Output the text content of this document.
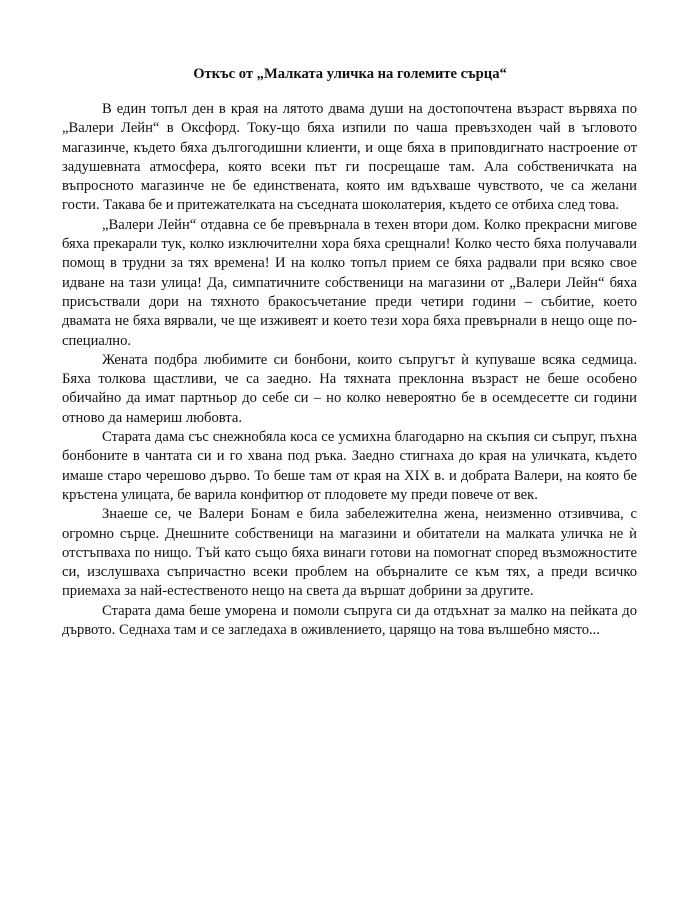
Откъс от „Малката уличка на големите сърца“

В един топъл ден в края на лятото двама души на достопочтена възраст вървяха по „Валери Лейн“ в Оксфорд. Току-що бяха изпили по чаша превъзходен чай в ъгловото магазинче, където бяха дългогодишни клиенти, и още бяха в приповдигнато настроение от задушевната атмосфера, която всеки път ги посрещаше там. Ала собственичката на въпросното магазинче не бе единствената, която им вдъхваше чувството, че са желани гости. Такава бе и притежателката на съседната шоколатерия, където се отбиха след това.

„Валери Лейн“ отдавна се бе превърнала в техен втори дом. Колко прекрасни мигове бяха прекарали тук, колко изключителни хора бяха срещнали! Колко често бяха получавали помощ в трудни за тях времена! И на колко топъл прием се бяха радвали при всяко свое идване на тази улица! Да, симпатичните собственици на магазини от „Валери Лейн“ бяха присъствали дори на тяхното бракосъчетание преди четири години – събитие, което двамата не бяха вярвали, че ще изживеят и което тези хора бяха превърнали в нещо още по-специално.

Жената подбра любимите си бонбони, които съпругът ѝ купуваше всяка седмица. Бяха толкова щастливи, че са заедно. На тяхната преклонна възраст не беше особено обичайно да имат партньор до себе си – но колко невероятно бе в осемдесетте си години отново да намериш любовта.

Старата дама със снежнобяла коса се усмихна благодарно на скъпия си съпруг, пъхна бонбоните в чантата си и го хвана под ръка. Заедно стигнаха до края на уличката, където имаше старо черешово дърво. То беше там от края на XIX в. и добрата Валери, на която бе кръстена улицата, бе варила конфитюр от плодовете му преди повече от век.

Знаеше се, че Валери Бонам е била забележителна жена, неизменно отзивчива, с огромно сърце. Днешните собственици на магазини и обитатели на малката уличка не ѝ отстъпваха по нищо. Тъй като също бяха винаги готови на помогнат според възможностите си, изслушваха съпричастно всеки проблем на обърналите се към тях, а преди всичко приемаха за най-естественото нещо на света да вършат добрини за другите.

Старата дама беше уморена и помоли съпруга си да отдъхнат за малко на пейката до дървото. Седнаха там и се загледаха в оживлението, царящо на това вълшебно място...
